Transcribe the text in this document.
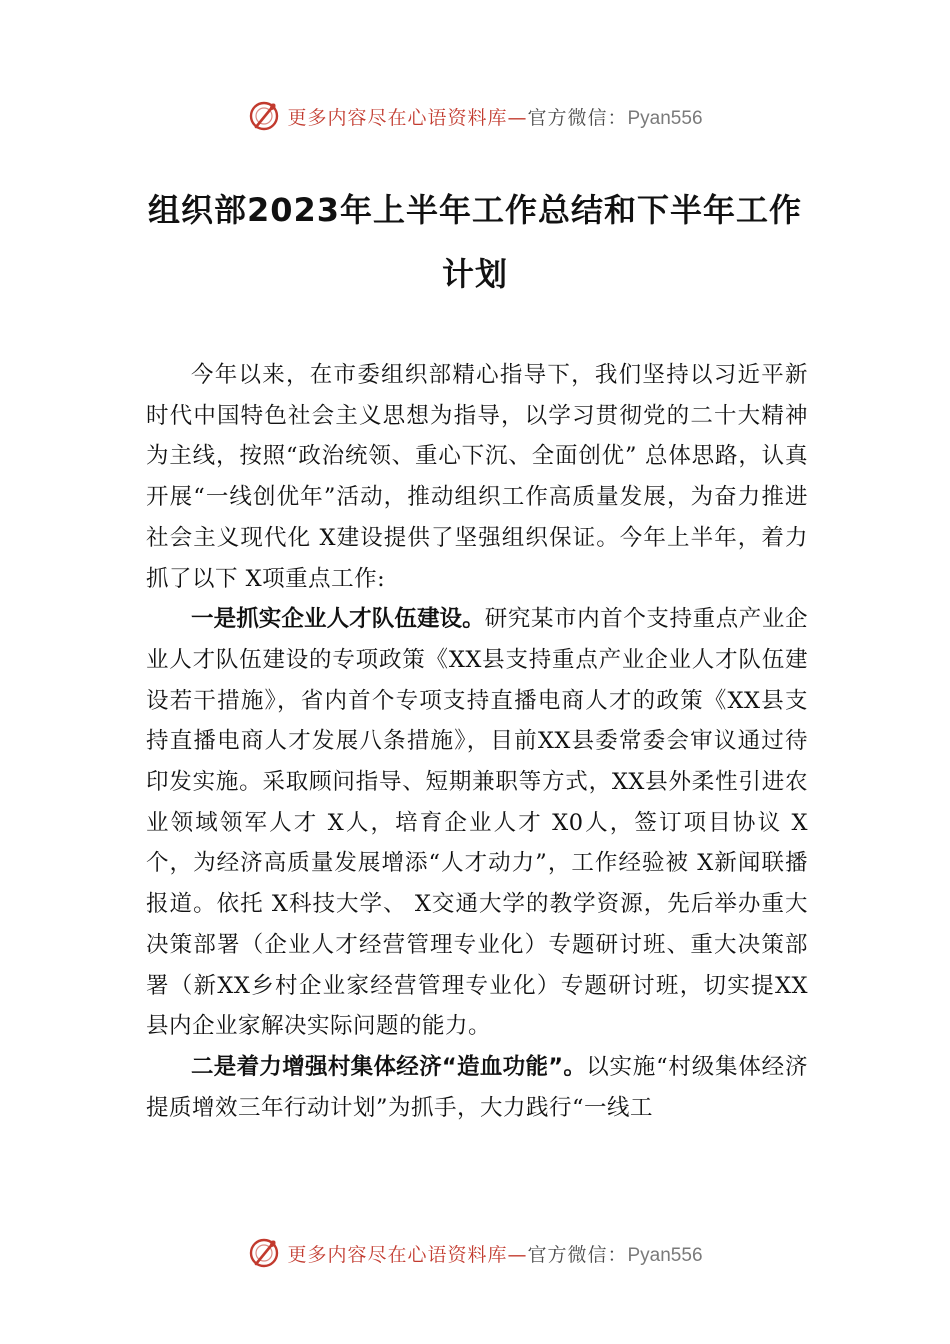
更多内容尽在心语资料库—官方微信：Pyan556
组织部2023年上半年工作总结和下半年工作计划

今年以来，在市委组织部精心指导下，我们坚持以习近平新时代中国特色社会主义思想为指导，以学习贯彻党的二十大精神为主线，按照“政治统领、重心下沉、全面创优” 总体思路，认真开展“一线创优年”活动，推动组织工作高质量发展，为奋力推进社会主义现代化 X建设提供了坚强组织保证。今年上半年，着力抓了以下 X项重点工作:

一是抓实企业人才队伍建设。研究某市内首个支持重点产业企业人才队伍建设的专项政策《XX县支持重点产业企业人才队伍建设若干措施》，省内首个专项支持直播电商人才的政策《XX县支持直播电商人才发展八条措施》，目前XX县委常委会审议通过待印发实施。采取顾问指导、短期兼职等方式，XX县外柔性引进农业领域领军人才 X人，培育企业人才 X0人，签订项目协议 X个，为经济高质量发展增添“人才动力”，工作经验被 X新闻联播报道。依托 X科技大学、 X交通大学的教学资源，先后举办重大决策部署（企业人才经营管理专业化）专题研讨班、重大决策部署（新XX乡村企业家经营管理专业化）专题研讨班，切实提XX县内企业家解决实际问题的能力。

二是着力增强村集体经济“造血功能”。以实施“村级集体经济提质增效三年行动计划”为抓手，大力践行“一线工

更多内容尽在心语资料库—官方微信：Pyan556
